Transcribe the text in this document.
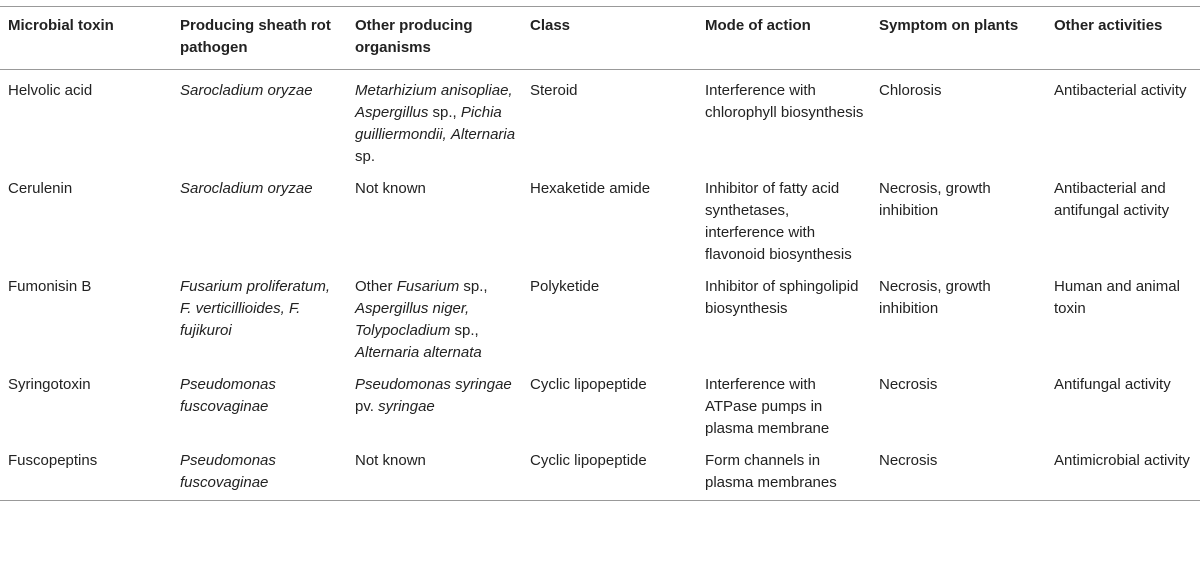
Microbial toxin	Producing sheath rot pathogen	Other producing organisms	Class	Mode of action	Symptom on plants	Other activities
Helvolic acid	Sarocladium oryzae	Metarhizium anisopliae, Aspergillus sp., Pichia guilliermondii, Alternaria sp.	Steroid	Interference with chlorophyll biosynthesis	Chlorosis	Antibacterial activity
Cerulenin	Sarocladium oryzae	Not known	Hexaketide amide	Inhibitor of fatty acid synthetases, interference with flavonoid biosynthesis	Necrosis, growth inhibition	Antibacterial and antifungal activity
Fumonisin B	Fusarium proliferatum, F. verticillioides, F. fujikuroi	Other Fusarium sp., Aspergillus niger, Tolypocladium sp., Alternaria alternata	Polyketide	Inhibitor of sphingolipid biosynthesis	Necrosis, growth inhibition	Human and animal toxin
Syringotoxin	Pseudomonas fuscovaginae	Pseudomonas syringae pv. syringae	Cyclic lipopeptide	Interference with ATPase pumps in plasma membrane	Necrosis	Antifungal activity
Fuscopeptins	Pseudomonas fuscovaginae	Not known	Cyclic lipopeptide	Form channels in plasma membranes	Necrosis	Antimicrobial activity
